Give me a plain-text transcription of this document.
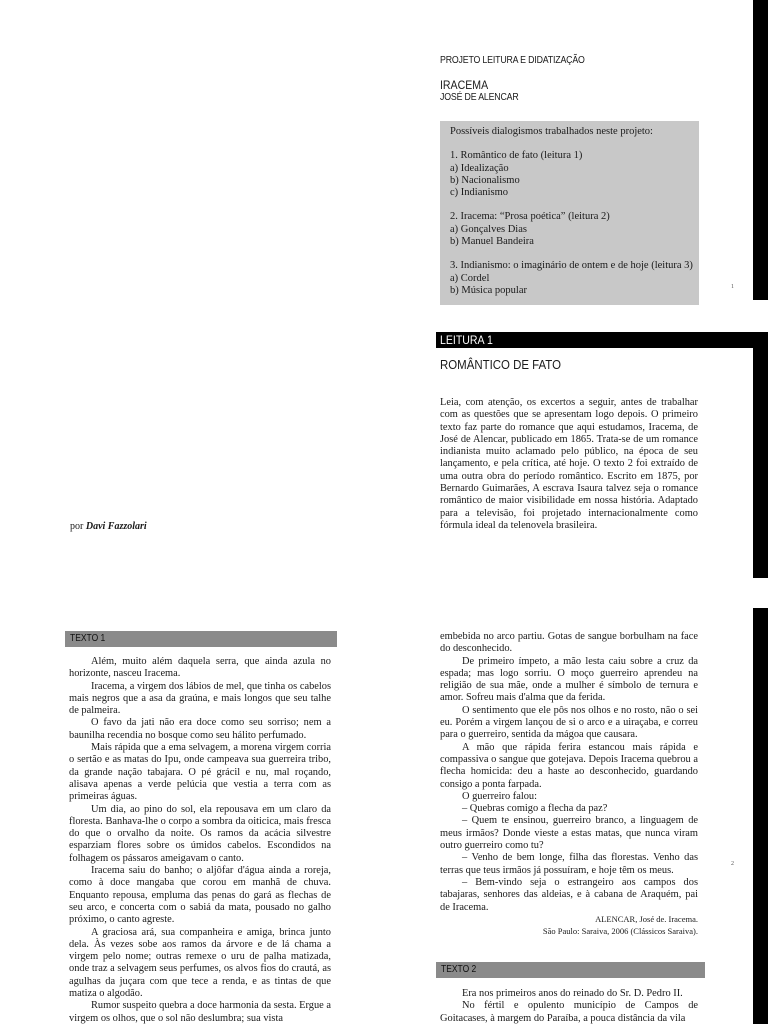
PROJETO LEITURA E DIDATIZAÇÃO
IRACEMA
JOSÉ DE ALENCAR

Possíveis dialogismos trabalhados neste projeto:

1. Romântico de fato (leitura 1)

a) Idealização

b) Nacionalismo

c) Indianismo

2. Iracema: “Prosa poética” (leitura 2)

a) Gonçalves Dias

b) Manuel Bandeira

3. Indianismo: o imaginário de ontem e de hoje (leitura 3)

a) Cordel

b) Música popular	1
LEITURA 1
ROMÂNTICO DE FATO

Leia, com atenção, os excertos a seguir, antes de trabalhar com as questões que se apresentam logo depois. O primeiro texto faz parte do romance que aqui estudamos, Iracema, de José de Alencar, publicado em 1865. Trata-se de um romance indianista muito aclamado pelo público, na época de seu lançamento, e pela crítica, até hoje. O texto 2 foi extraído de uma outra obra do período romântico. Escrito em 1875, por Bernardo Guimarães, A escrava Isaura talvez seja o romance romântico de maior visibilidade em nossa história. Adaptado para a televisão, foi projetado internacionalmente como fórmula ideal da telenovela brasileira.

por Davi Fazzolari
TEXTO 1

Além, muito além daquela serra, que ainda azula no horizonte, nasceu Iracema.

Iracema, a virgem dos lábios de mel, que tinha os cabelos mais negros que a asa da graúna, e mais longos que seu talhe de palmeira.

O favo da jati não era doce como seu sorriso; nem a baunilha recendia no bosque como seu hálito perfumado.

Mais rápida que a ema selvagem, a morena virgem corria o sertão e as matas do Ipu, onde campeava sua guerreira tribo, da grande nação tabajara. O pé grácil e nu, mal roçando, alisava apenas a verde pelúcia que vestia a terra com as primeiras águas.

Um dia, ao pino do sol, ela repousava em um claro da floresta. Banhava-lhe o corpo a sombra da oiticica, mais fresca do que o orvalho da noite. Os ramos da acácia silvestre esparziam flores sobre os úmidos cabelos. Escondidos na folhagem os pássaros ameigavam o canto.

Iracema saiu do banho; o aljôfar d'água ainda a roreja, como à doce mangaba que corou em manhã de chuva. Enquanto repousa, empluma das penas do gará as flechas de seu arco, e concerta com o sabiá da mata, pousado no galho próximo, o canto agreste.

A graciosa ará, sua companheira e amiga, brinca junto dela. Às vezes sobe aos ramos da árvore e de lá chama a virgem pelo nome; outras remexe o uru de palha matizada, onde traz a selvagem seus perfumes, os alvos fios do crautá, as agulhas da juçara com que tece a renda, e as tintas de que matiza o algodão.

Rumor suspeito quebra a doce harmonia da sesta. Ergue a virgem os olhos, que o sol não deslumbra; sua vista

embebida no arco partiu. Gotas de sangue borbulham na face do desconhecido.

De primeiro ímpeto, a mão lesta caiu sobre a cruz da espada; mas logo sorriu. O moço guerreiro aprendeu na religião de sua mãe, onde a mulher é símbolo de ternura e amor. Sofreu mais d'alma que da ferida.

O sentimento que ele pôs nos olhos e no rosto, não o sei eu. Porém a virgem lançou de si o arco e a uiraçaba, e correu para o guerreiro, sentida da mágoa que causara.

A mão que rápida ferira estancou mais rápida e compassiva o sangue que gotejava. Depois Iracema quebrou a flecha homicida: deu a haste ao desconhecido, guardando consigo a ponta farpada.

O guerreiro falou:

– Quebras comigo a flecha da paz?

– Quem te ensinou, guerreiro branco, a linguagem de meus irmãos? Donde vieste a estas matas, que nunca viram outro guerreiro como tu?

– Venho de bem longe, filha das florestas. Venho das terras que teus irmãos já possuíram, e hoje têm os meus.

– Bem-vindo seja o estrangeiro aos campos dos tabajaras, senhores das aldeias, e à cabana de Araquém, pai de Iracema.

2
ALENCAR, José de. Iracema.
São Paulo: Saraiva, 2006 (Clássicos Saraiva).
TEXTO 2

Era nos primeiros anos do reinado do Sr. D. Pedro II.

No fértil e opulento município de Campos de Goitacases, à margem do Paraíba, a pouca distância da vila
